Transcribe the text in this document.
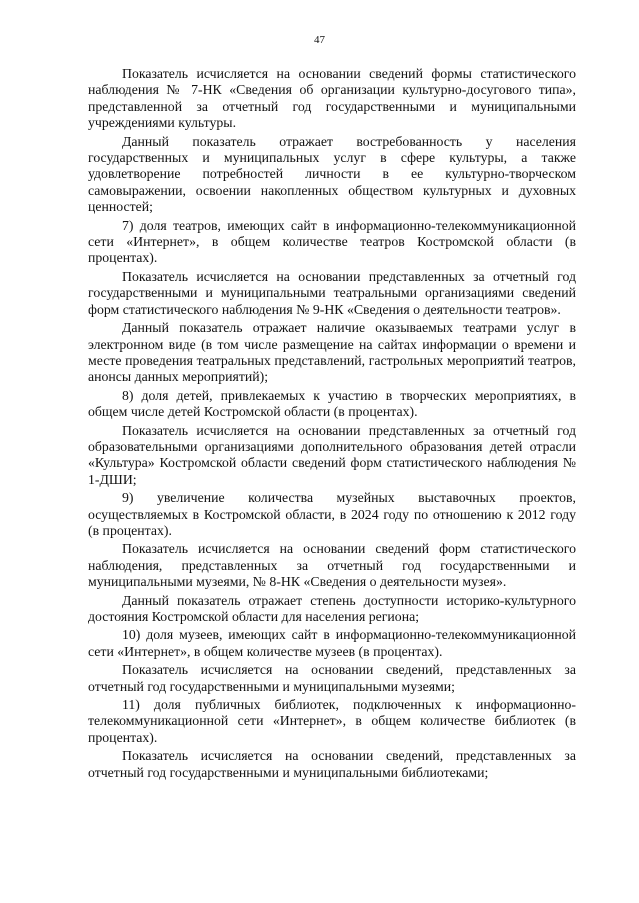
47

Показатель исчисляется на основании сведений формы статистического наблюдения № 7-НК «Сведения об организации культурно-досугового типа», представленной за отчетный год государственными и муниципальными учреждениями культуры.

Данный показатель отражает востребованность у населения государственных и муниципальных услуг в сфере культуры, а также удовлетворение потребностей личности в ее культурно-творческом самовыражении, освоении накопленных обществом культурных и духовных ценностей;

7) доля театров, имеющих сайт в информационно-телекоммуникационной сети «Интернет», в общем количестве театров Костромской области (в процентах).

Показатель исчисляется на основании представленных за отчетный год государственными и муниципальными театральными организациями сведений форм статистического наблюдения № 9-НК «Сведения о деятельности театров».

Данный показатель отражает наличие оказываемых театрами услуг в электронном виде (в том числе размещение на сайтах информации о времени и месте проведения театральных представлений, гастрольных мероприятий театров, анонсы данных мероприятий);

8) доля детей, привлекаемых к участию в творческих мероприятиях, в общем числе детей Костромской области (в процентах).

Показатель исчисляется на основании представленных за отчетный год образовательными организациями дополнительного образования детей отрасли «Культура» Костромской области сведений форм статистического наблюдения № 1-ДШИ;

9) увеличение количества музейных выставочных проектов, осуществляемых в Костромской области, в 2024 году по отношению к 2012 году (в процентах).

Показатель исчисляется на основании сведений форм статистического наблюдения, представленных за отчетный год государственными и муниципальными музеями, № 8-НК «Сведения о деятельности музея».

Данный показатель отражает степень доступности историко-культурного достояния Костромской области для населения региона;

10) доля музеев, имеющих сайт в информационно-телекоммуникационной сети «Интернет», в общем количестве музеев (в процентах).

Показатель исчисляется на основании сведений, представленных за отчетный год государственными и муниципальными музеями;

11) доля публичных библиотек, подключенных к информационно-телекоммуникационной сети «Интернет», в общем количестве библиотек (в процентах).

Показатель исчисляется на основании сведений, представленных за отчетный год государственными и муниципальными библиотеками;
